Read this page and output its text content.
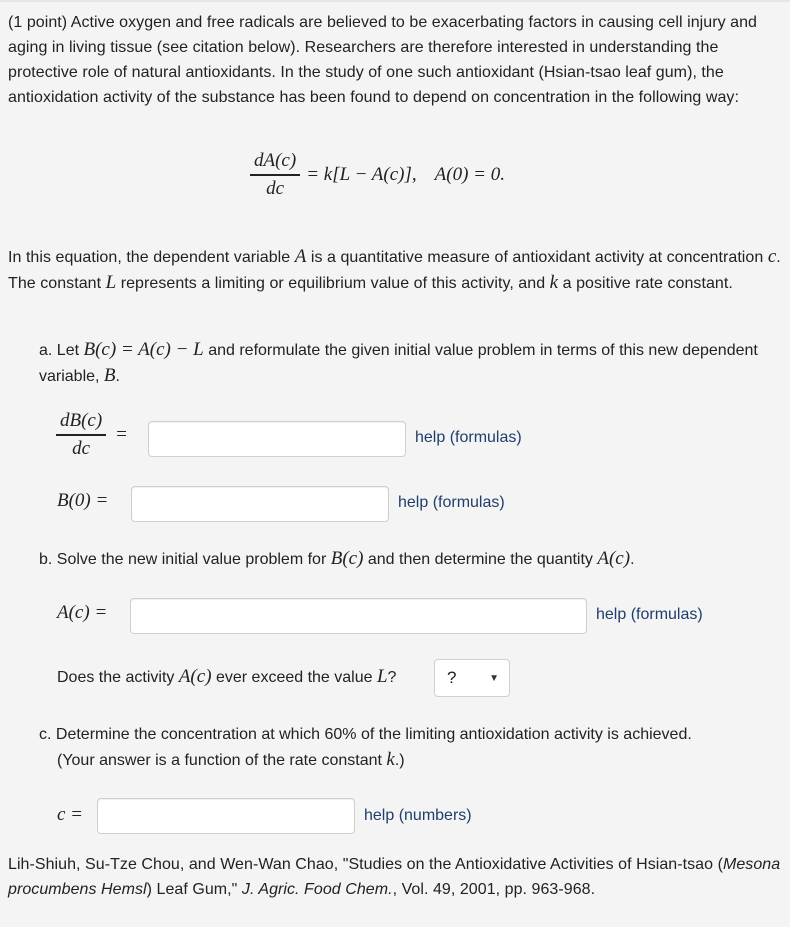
(1 point) Active oxygen and free radicals are believed to be exacerbating factors in causing cell injury and aging in living tissue (see citation below). Researchers are therefore interested in understanding the protective role of natural antioxidants. In the study of one such antioxidant (Hsian-tsao leaf gum), the antioxidation activity of the substance has been found to depend on concentration in the following way:
$\frac{dA(c)}{dc} = k[L - A(c)]$, A(0) = 0.
In this equation, the dependent variable A is a quantitative measure of antioxidant activity at concentration c. The constant L represents a limiting or equilibrium value of this activity, and k a positive rate constant.
a. Let B(c) = A(c) − L and reformulate the given initial value problem in terms of this new dependent variable, B.
$\frac{dB(c)}{dc}$ =	help (formulas)
B(0) =	help (formulas)
b. Solve the new initial value problem for B(c) and then determine the quantity A(c).
A(c) =	help (formulas)
Does the activity A(c) ever exceed the value L?	?	▼
c. Determine the concentration at which 60% of the limiting antioxidation activity is achieved.
(Your answer is a function of the rate constant k.)
c =	help (numbers)
Lih-Shiuh, Su-Tze Chou, and Wen-Wan Chao, "Studies on the Antioxidative Activities of Hsian-tsao (Mesona procumbens Hemsl) Leaf Gum," J. Agric. Food Chem., Vol. 49, 2001, pp. 963-968.
